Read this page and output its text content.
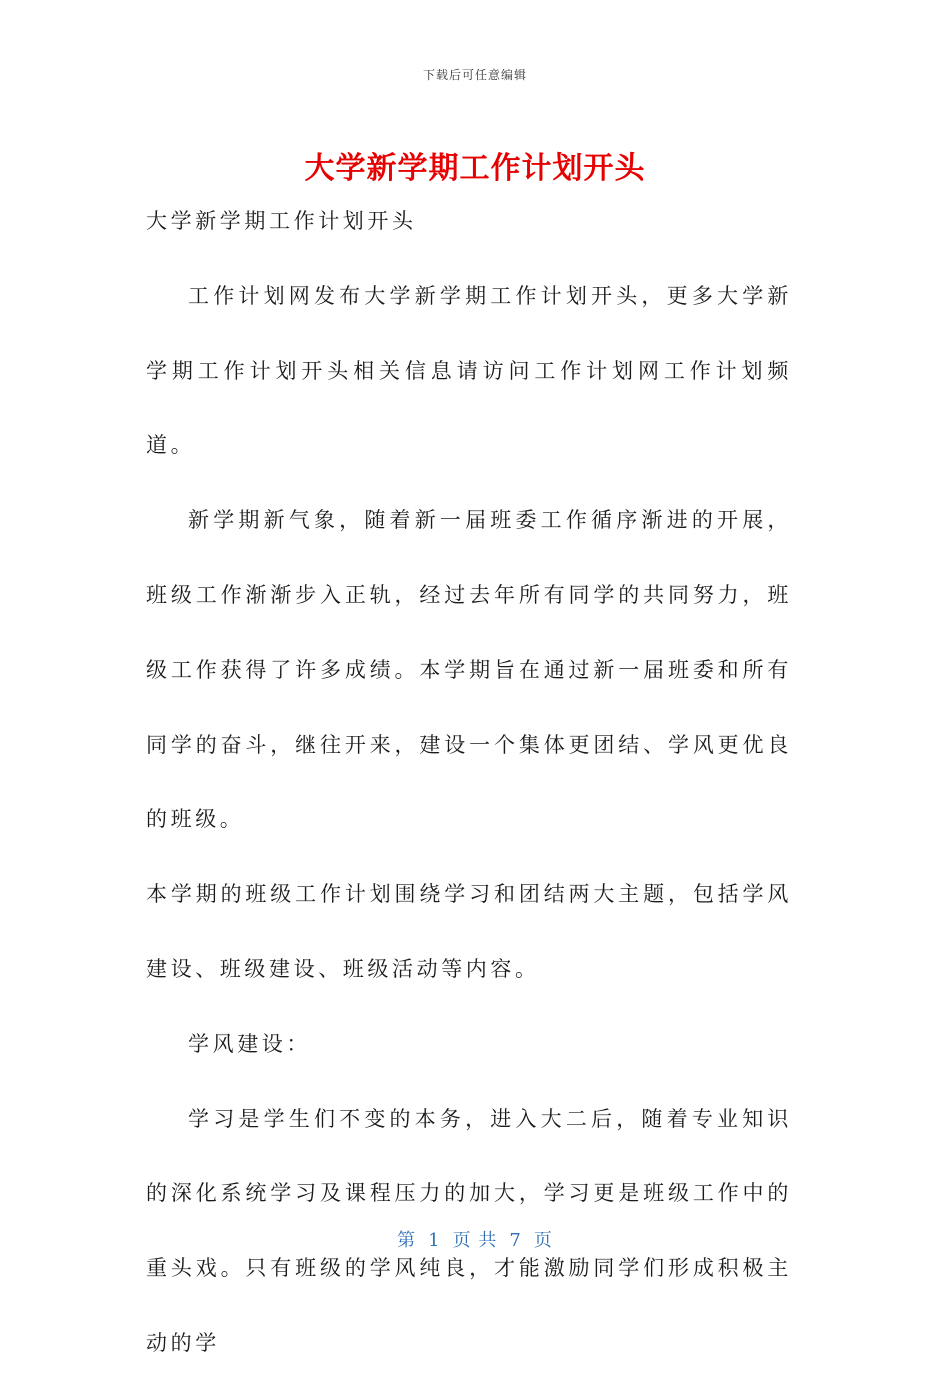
下载后可任意编辑
大学新学期工作计划开头

大学新学期工作计划开头

工作计划网发布大学新学期工作计划开头，更多大学新学期工作计划开头相关信息请访问工作计划网工作计划频道。

新学期新气象，随着新一届班委工作循序渐进的开展，班级工作渐渐步入正轨，经过去年所有同学的共同努力，班级工作获得了许多成绩。本学期旨在通过新一届班委和所有同学的奋斗，继往开来，建设一个集体更团结、学风更优良的班级。

本学期的班级工作计划围绕学习和团结两大主题，包括学风建设、班级建设、班级活动等内容。

学风建设：

学习是学生们不变的本务，进入大二后，随着专业知识的深化系统学习及课程压力的加大，学习更是班级工作中的重头戏。只有班级的学风纯良，才能激励同学们形成积极主动的学

第 1 页 共 7 页
